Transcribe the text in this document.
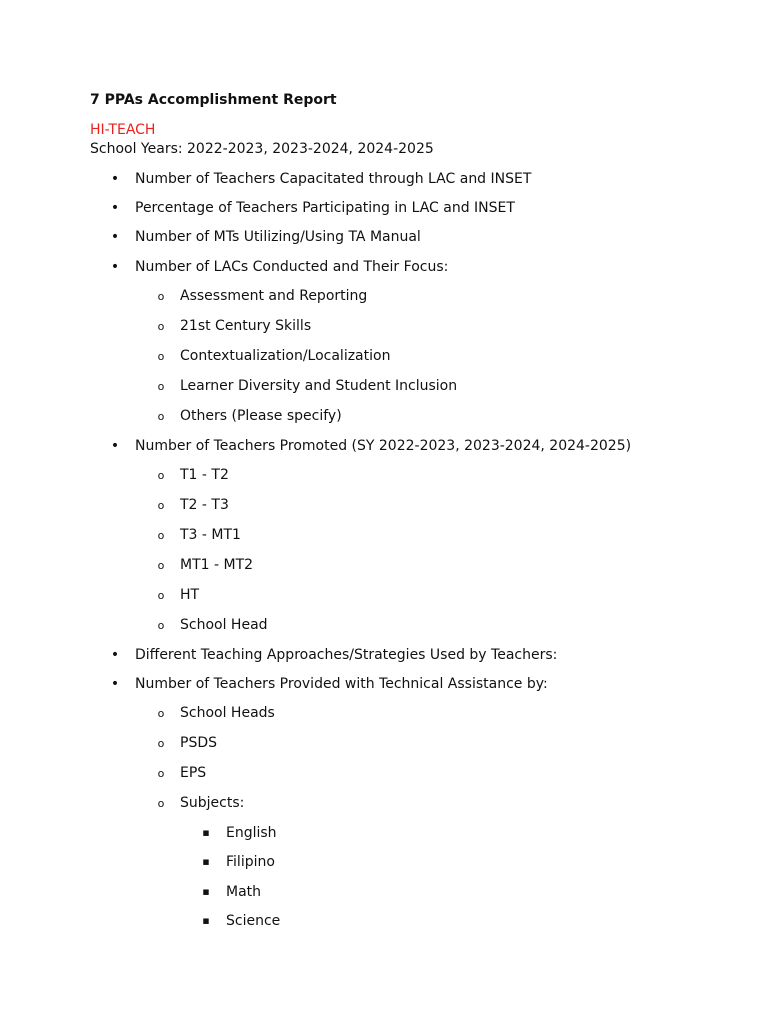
7 PPAs Accomplishment Report
HI-TEACH
School Years: 2022-2023, 2023-2024, 2024-2025
• Number of Teachers Capacitated through LAC and INSET
• Percentage of Teachers Participating in LAC and INSET
• Number of MTs Utilizing/Using TA Manual
• Number of LACs Conducted and Their Focus:
o Assessment and Reporting
o 21st Century Skills
o Contextualization/Localization
o Learner Diversity and Student Inclusion
o Others (Please specify)
• Number of Teachers Promoted (SY 2022-2023, 2023-2024, 2024-2025)
o T1 - T2
o T2 - T3
o T3 - MT1
o MT1 - MT2
o HT
o School Head
• Different Teaching Approaches/Strategies Used by Teachers:
• Number of Teachers Provided with Technical Assistance by:
o School Heads
o PSDS
o EPS
o Subjects:
▪ English
▪ Filipino
▪ Math
▪ Science
